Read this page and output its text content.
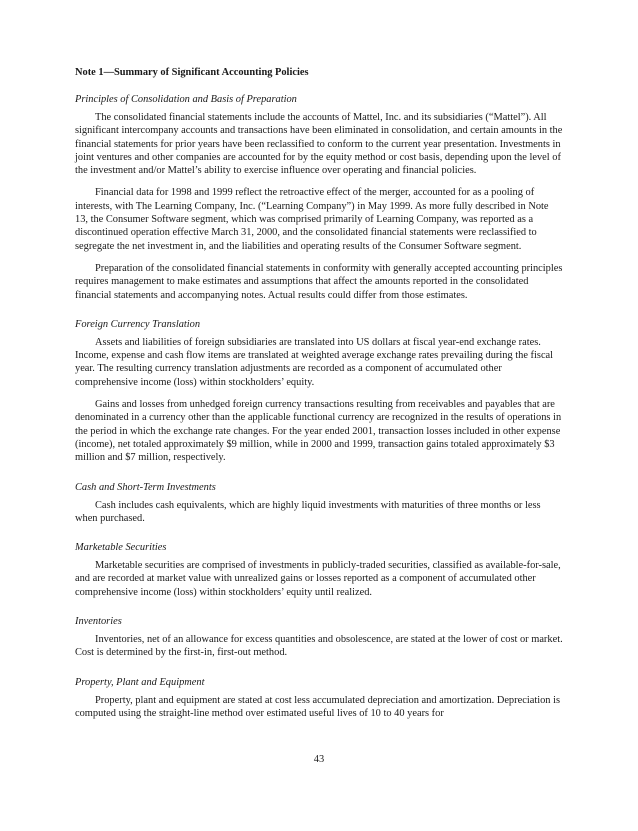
Note 1—Summary of Significant Accounting Policies
Principles of Consolidation and Basis of Preparation

The consolidated financial statements include the accounts of Mattel, Inc. and its subsidiaries (“Mattel”). All significant intercompany accounts and transactions have been eliminated in consolidation, and certain amounts in the financial statements for prior years have been reclassified to conform to the current year presentation. Investments in joint ventures and other companies are accounted for by the equity method or cost basis, depending upon the level of the investment and/or Mattel’s ability to exercise influence over operating and financial policies.

Financial data for 1998 and 1999 reflect the retroactive effect of the merger, accounted for as a pooling of interests, with The Learning Company, Inc. (“Learning Company”) in May 1999. As more fully described in Note 13, the Consumer Software segment, which was comprised primarily of Learning Company, was reported as a discontinued operation effective March 31, 2000, and the consolidated financial statements were reclassified to segregate the net investment in, and the liabilities and operating results of the Consumer Software segment.

Preparation of the consolidated financial statements in conformity with generally accepted accounting principles requires management to make estimates and assumptions that affect the amounts reported in the consolidated financial statements and accompanying notes. Actual results could differ from those estimates.

Foreign Currency Translation

Assets and liabilities of foreign subsidiaries are translated into US dollars at fiscal year-end exchange rates. Income, expense and cash flow items are translated at weighted average exchange rates prevailing during the fiscal year. The resulting currency translation adjustments are recorded as a component of accumulated other comprehensive income (loss) within stockholders’ equity.

Gains and losses from unhedged foreign currency transactions resulting from receivables and payables that are denominated in a currency other than the applicable functional currency are recognized in the results of operations in the period in which the exchange rate changes. For the year ended 2001, transaction losses included in other expense (income), net totaled approximately $9 million, while in 2000 and 1999, transaction gains totaled approximately $3 million and $7 million, respectively.

Cash and Short-Term Investments

Cash includes cash equivalents, which are highly liquid investments with maturities of three months or less when purchased.

Marketable Securities

Marketable securities are comprised of investments in publicly-traded securities, classified as available-for-sale, and are recorded at market value with unrealized gains or losses reported as a component of accumulated other comprehensive income (loss) within stockholders’ equity until realized.

Inventories

Inventories, net of an allowance for excess quantities and obsolescence, are stated at the lower of cost or market. Cost is determined by the first-in, first-out method.

Property, Plant and Equipment

Property, plant and equipment are stated at cost less accumulated depreciation and amortization. Depreciation is computed using the straight-line method over estimated useful lives of 10 to 40 years for

43
